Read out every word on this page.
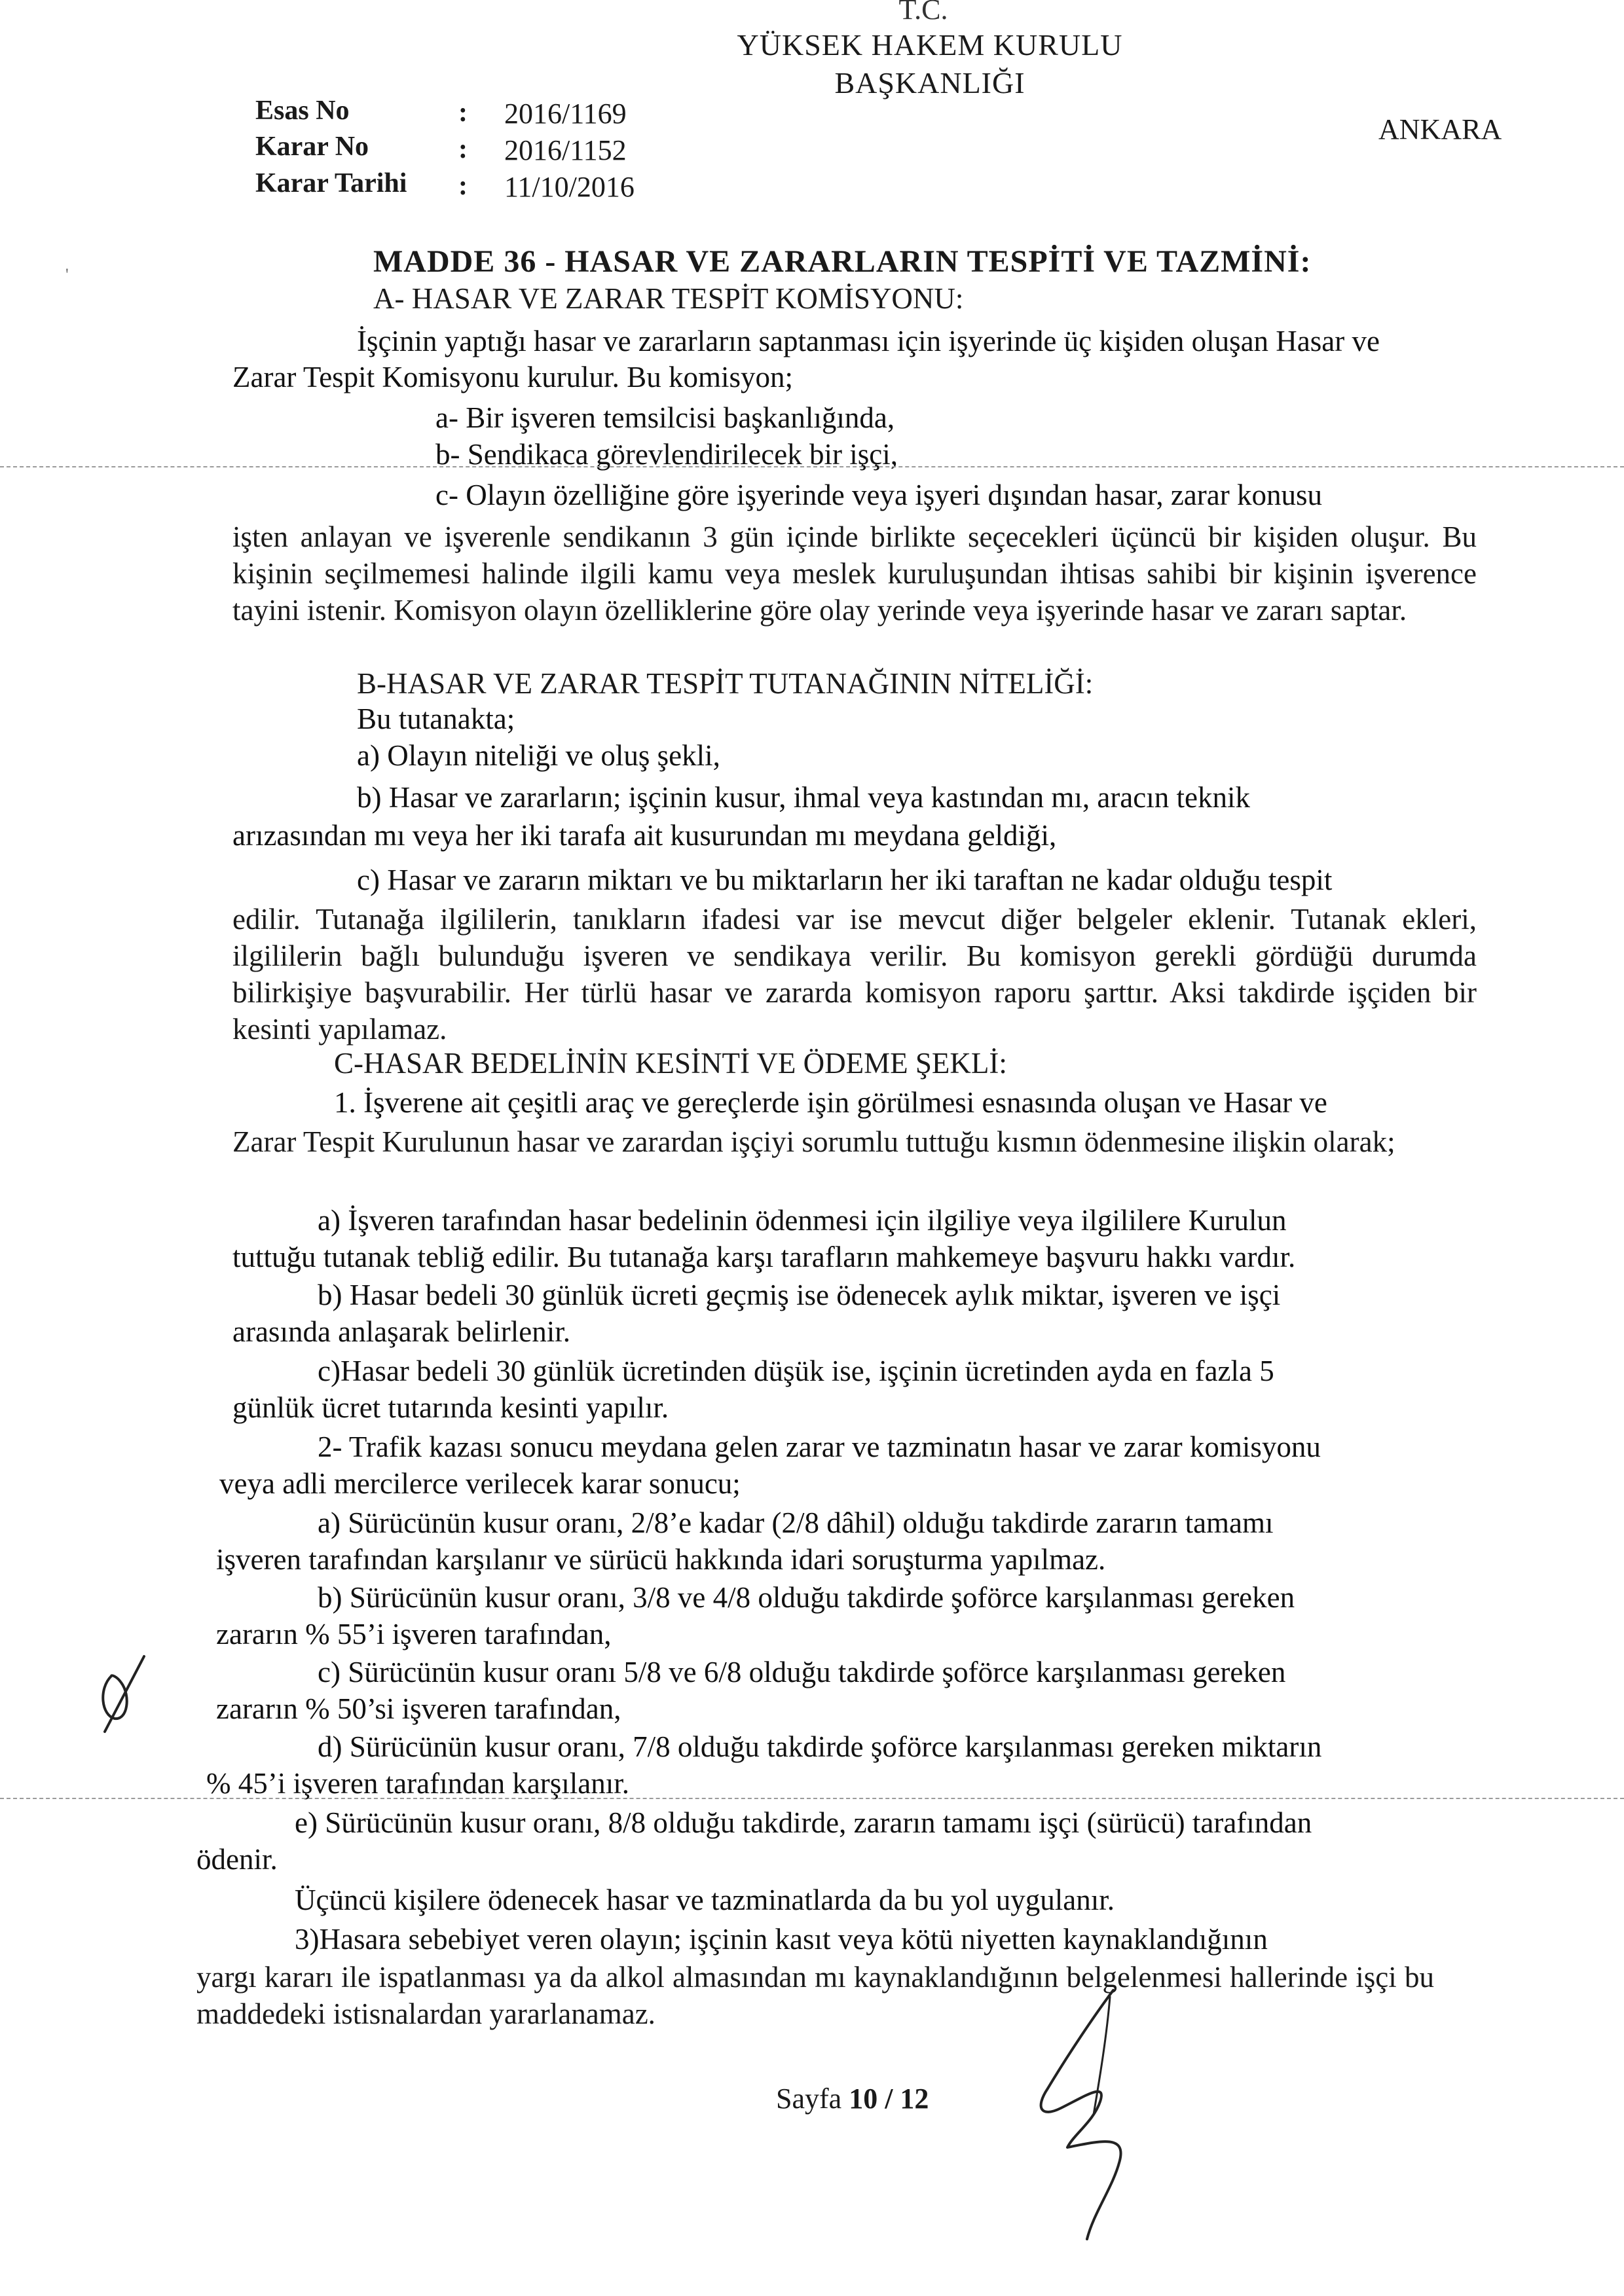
T.C.
YÜKSEK HAKEM KURULU
BAŞKANLIĞI
ANKARA
Esas No	: 2016/1169
Karar No	: 2016/1152
Karar Tarihi : 11/10/2016
'	MADDE 36 - HASAR VE ZARARLARIN TESPİTİ VE TAZMİNİ:
A- HASAR VE ZARAR TESPİT KOMİSYONU:
İşçinin yaptığı hasar ve zararların saptanması için işyerinde üç kişiden oluşan Hasar ve
Zarar Tespit Komisyonu kurulur. Bu komisyon;
a- Bir işveren temsilcisi başkanlığında,
b- Sendikaca görevlendirilecek bir işçi,
c- Olayın özelliğine göre işyerinde veya işyeri dışından hasar, zarar konusu
işten anlayan ve işverenle sendikanın 3 gün içinde birlikte seçecekleri üçüncü bir kişiden oluşur. Bu kişinin seçilmemesi halinde ilgili kamu veya meslek kuruluşundan ihtisas sahibi bir kişinin işverence tayini istenir. Komisyon olayın özelliklerine göre olay yerinde veya işyerinde hasar ve zararı saptar.
B-HASAR VE ZARAR TESPİT TUTANAĞININ NİTELİĞİ:
Bu tutanakta;
a) Olayın niteliği ve oluş şekli,
b) Hasar ve zararların; işçinin kusur, ihmal veya kastından mı, aracın teknik
arızasından mı veya her iki tarafa ait kusurundan mı meydana geldiği,
c) Hasar ve zararın miktarı ve bu miktarların her iki taraftan ne kadar olduğu tespit
edilir. Tutanağa ilgililerin, tanıkların ifadesi var ise mevcut diğer belgeler eklenir. Tutanak ekleri, ilgililerin bağlı bulunduğu işveren ve sendikaya verilir. Bu komisyon gerekli gördüğü durumda bilirkişiye başvurabilir. Her türlü hasar ve zararda komisyon raporu şarttır. Aksi takdirde işçiden bir kesinti yapılamaz.
C-HASAR BEDELİNİN KESİNTİ VE ÖDEME ŞEKLİ:
1. İşverene ait çeşitli araç ve gereçlerde işin görülmesi esnasında oluşan ve Hasar ve
Zarar Tespit Kurulunun hasar ve zarardan işçiyi sorumlu tuttuğu kısmın ödenmesine ilişkin olarak;
a) İşveren tarafından hasar bedelinin ödenmesi için ilgiliye veya ilgililere Kurulun
tuttuğu tutanak tebliğ edilir. Bu tutanağa karşı tarafların mahkemeye başvuru hakkı vardır.
b) Hasar bedeli 30 günlük ücreti geçmiş ise ödenecek aylık miktar, işveren ve işçi
arasında anlaşarak belirlenir.
c)Hasar bedeli 30 günlük ücretinden düşük ise, işçinin ücretinden ayda en fazla 5
günlük ücret tutarında kesinti yapılır.
2- Trafik kazası sonucu meydana gelen zarar ve tazminatın hasar ve zarar komisyonu
veya adli mercilerce verilecek karar sonucu;
a) Sürücünün kusur oranı, 2/8’e kadar (2/8 dâhil) olduğu takdirde zararın tamamı
işveren tarafından karşılanır ve sürücü hakkında idari soruşturma yapılmaz.
b) Sürücünün kusur oranı, 3/8 ve 4/8 olduğu takdirde şoförce karşılanması gereken
zararın % 55’i işveren tarafından,
c) Sürücünün kusur oranı 5/8 ve 6/8 olduğu takdirde şoförce karşılanması gereken
zararın % 50’si işveren tarafından,
d) Sürücünün kusur oranı, 7/8 olduğu takdirde şoförce karşılanması gereken miktarın
% 45’i işveren tarafından karşılanır.
e) Sürücünün kusur oranı, 8/8 olduğu takdirde, zararın tamamı işçi (sürücü) tarafından
ödenir.
Üçüncü kişilere ödenecek hasar ve tazminatlarda da bu yol uygulanır.
3)Hasara sebebiyet veren olayın; işçinin kasıt veya kötü niyetten kaynaklandığının
yargı kararı ile ispatlanması ya da alkol almasından mı kaynaklandığının belgelenmesi hallerinde işçi bu maddedeki istisnalardan yararlanamaz.
Sayfa 10 / 12
